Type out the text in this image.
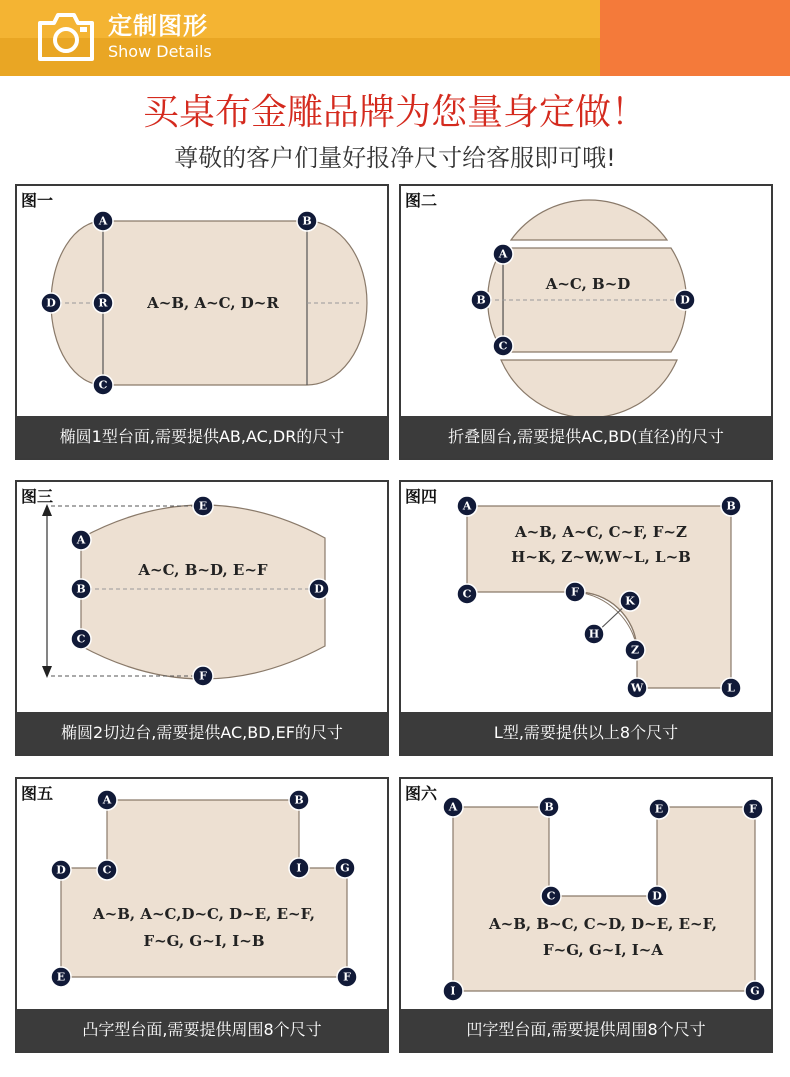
定制图形
Show Details
买桌布金雕品牌为您量身定做！
尊敬的客户们量好报净尺寸给客服即可哦!
A~B, A~C, D~R
A	B
D	R
C
图一
椭圆1型台面,需要提供AB,AC,DR的尺寸
A~C, B~D
A
B	D
C
图二
折叠圆台,需要提供AC,BD(直径)的尺寸
A~C, B~D, E~F
E
A
B	D
C
F
图三
椭圆2切边台,需要提供AC,BD,EF的尺寸
A~B, A~C, C~F, F~Z
H~K, Z~W,W~L, L~B
A	B
C	F
K
H
Z
W	L
图四
L型,需要提供以上8个尺寸
A~B, A~C,D~C, D~E, E~F,
F~G, G~I, I~B
A	B
D	C	I	G
E	F
图五
凸字型台面,需要提供周围8个尺寸
A~B, B~C, C~D, D~E, E~F,
F~G, G~I, I~A
A	B	E	F
C	D
I	G
图六
凹字型台面,需要提供周围8个尺寸
